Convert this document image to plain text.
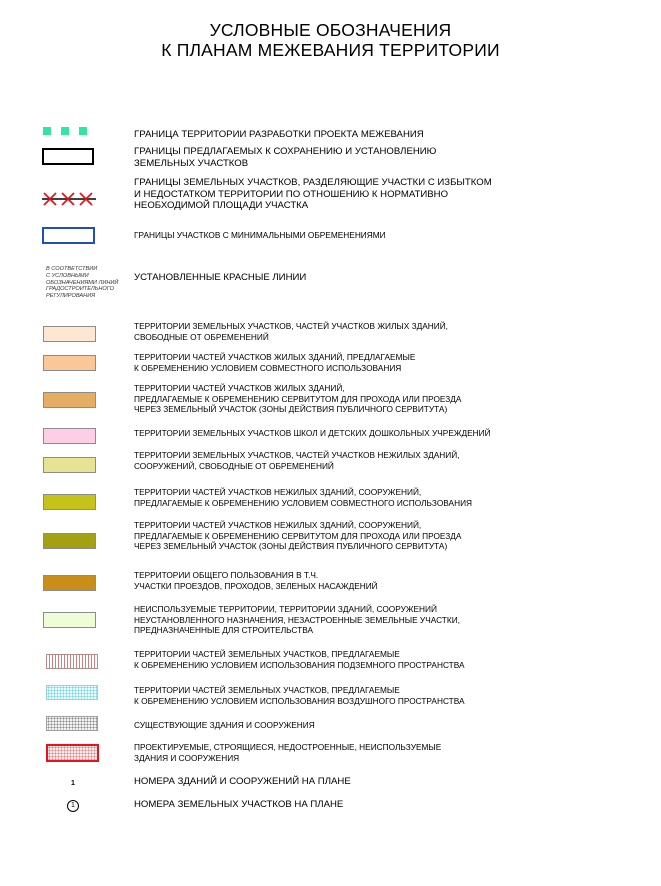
УСЛОВНЫЕ ОБОЗНАЧЕНИЯ
К ПЛАНАМ МЕЖЕВАНИЯ ТЕРРИТОРИИ
ГРАНИЦА ТЕРРИТОРИИ РАЗРАБОТКИ ПРОЕКТА МЕЖЕВАНИЯ
ГРАНИЦЫ ПРЕДЛАГАЕМЫХ К СОХРАНЕНИЮ И УСТАНОВЛЕНИЮ
ЗЕМЕЛЬНЫХ УЧАСТКОВ
ГРАНИЦЫ ЗЕМЕЛЬНЫХ УЧАСТКОВ, РАЗДЕЛЯЮЩИЕ УЧАСТКИ С ИЗБЫТКОМ
И НЕДОСТАТКОМ ТЕРРИТОРИИ ПО ОТНОШЕНИЮ К НОРМАТИВНО
НЕОБХОДИМОЙ ПЛОЩАДИ УЧАСТКА
ГРАНИЦЫ УЧАСТКОВ С МИНИМАЛЬНЫМИ ОБРЕМЕНЕНИЯМИ
УСТАНОВЛЕННЫЕ КРАСНЫЕ ЛИНИИ
В СООТВЕТСТВИИ
С УСЛОВНЫМИ
ОБОЗНАЧЕНИЯМИ ЛИНИЙ
ГРАДОСТРОИТЕЛЬНОГО
РЕГУЛИРОВАНИЯ
ТЕРРИТОРИИ ЗЕМЕЛЬНЫХ УЧАСТКОВ, ЧАСТЕЙ УЧАСТКОВ ЖИЛЫХ ЗДАНИЙ,
СВОБОДНЫЕ ОТ ОБРЕМЕНЕНИЙ
ТЕРРИТОРИИ ЧАСТЕЙ УЧАСТКОВ ЖИЛЫХ ЗДАНИЙ, ПРЕДЛАГАЕМЫЕ
К ОБРЕМЕНЕНИЮ УСЛОВИЕМ СОВМЕСТНОГО ИСПОЛЬЗОВАНИЯ
ТЕРРИТОРИИ ЧАСТЕЙ УЧАСТКОВ ЖИЛЫХ ЗДАНИЙ,
ПРЕДЛАГАЕМЫЕ К ОБРЕМЕНЕНИЮ СЕРВИТУТОМ ДЛЯ ПРОХОДА ИЛИ ПРОЕЗДА
ЧЕРЕЗ ЗЕМЕЛЬНЫЙ УЧАСТОК (ЗОНЫ ДЕЙСТВИЯ ПУБЛИЧНОГО СЕРВИТУТА)
ТЕРРИТОРИИ ЗЕМЕЛЬНЫХ УЧАСТКОВ ШКОЛ И ДЕТСКИХ ДОШКОЛЬНЫХ УЧРЕЖДЕНИЙ
ТЕРРИТОРИИ ЗЕМЕЛЬНЫХ УЧАСТКОВ, ЧАСТЕЙ УЧАСТКОВ НЕЖИЛЫХ ЗДАНИЙ,
СООРУЖЕНИЙ, СВОБОДНЫЕ ОТ ОБРЕМЕНЕНИЙ
ТЕРРИТОРИИ ЧАСТЕЙ УЧАСТКОВ НЕЖИЛЫХ ЗДАНИЙ, СООРУЖЕНИЙ,
ПРЕДЛАГАЕМЫЕ К ОБРЕМЕНЕНИЮ УСЛОВИЕМ СОВМЕСТНОГО ИСПОЛЬЗОВАНИЯ
ТЕРРИТОРИИ ЧАСТЕЙ УЧАСТКОВ НЕЖИЛЫХ ЗДАНИЙ, СООРУЖЕНИЙ,
ПРЕДЛАГАЕМЫЕ К ОБРЕМЕНЕНИЮ СЕРВИТУТОМ ДЛЯ ПРОХОДА ИЛИ ПРОЕЗДА
ЧЕРЕЗ ЗЕМЕЛЬНЫЙ УЧАСТОК (ЗОНЫ ДЕЙСТВИЯ ПУБЛИЧНОГО СЕРВИТУТА)
ТЕРРИТОРИИ ОБЩЕГО ПОЛЬЗОВАНИЯ В Т.Ч.
УЧАСТКИ ПРОЕЗДОВ, ПРОХОДОВ, ЗЕЛЕНЫХ НАСАЖДЕНИЙ
НЕИСПОЛЬЗУЕМЫЕ ТЕРРИТОРИИ, ТЕРРИТОРИИ ЗДАНИЙ, СООРУЖЕНИЙ
НЕУСТАНОВЛЕННОГО НАЗНАЧЕНИЯ, НЕЗАСТРОЕННЫЕ ЗЕМЕЛЬНЫЕ УЧАСТКИ,
ПРЕДНАЗНАЧЕННЫЕ ДЛЯ СТРОИТЕЛЬСТВА
ТЕРРИТОРИИ ЧАСТЕЙ ЗЕМЕЛЬНЫХ УЧАСТКОВ, ПРЕДЛАГАЕМЫЕ
К ОБРЕМЕНЕНИЮ УСЛОВИЕМ ИСПОЛЬЗОВАНИЯ ПОДЗЕМНОГО ПРОСТРАНСТВА
ТЕРРИТОРИИ ЧАСТЕЙ ЗЕМЕЛЬНЫХ УЧАСТКОВ, ПРЕДЛАГАЕМЫЕ
К ОБРЕМЕНЕНИЮ УСЛОВИЕМ ИСПОЛЬЗОВАНИЯ ВОЗДУШНОГО ПРОСТРАНСТВА
СУЩЕСТВУЮЩИЕ ЗДАНИЯ И СООРУЖЕНИЯ
ПРОЕКТИРУЕМЫЕ, СТРОЯЩИЕСЯ, НЕДОСТРОЕННЫЕ, НЕИСПОЛЬЗУЕМЫЕ
ЗДАНИЯ И СООРУЖЕНИЯ
НОМЕРА ЗДАНИЙ И СООРУЖЕНИЙ НА ПЛАНЕ
1
НОМЕРА ЗЕМЕЛЬНЫХ УЧАСТКОВ НА ПЛАНЕ
1
